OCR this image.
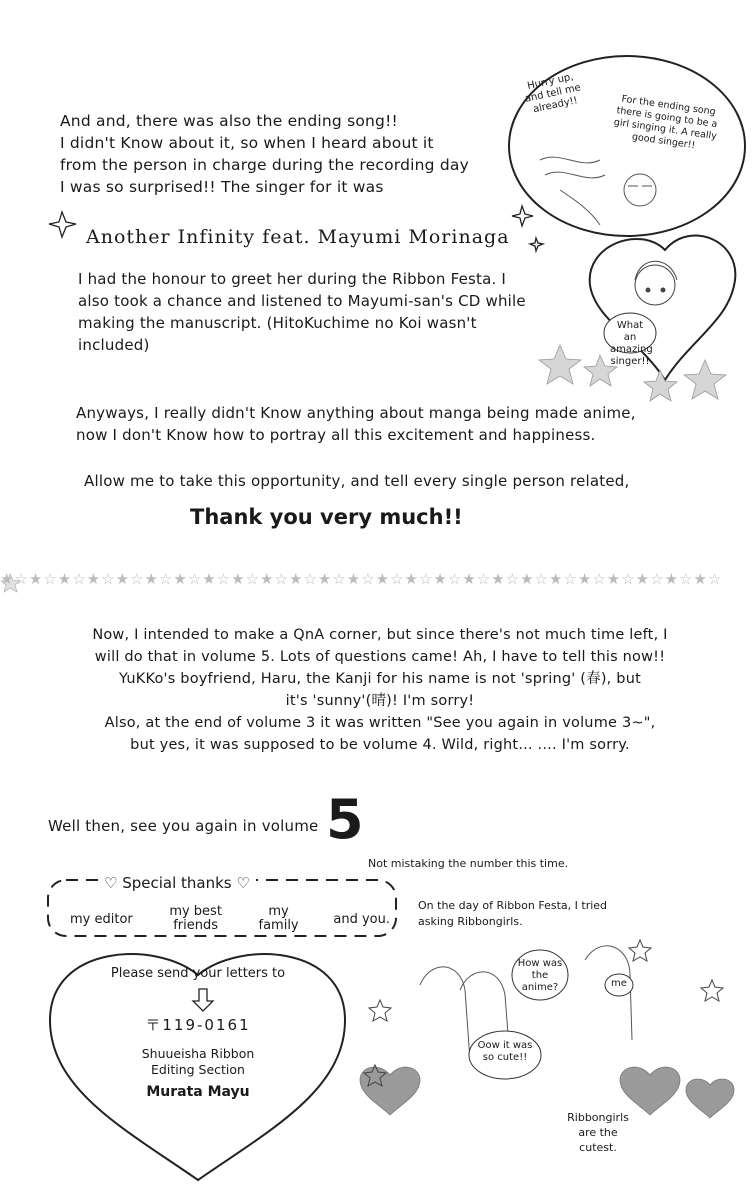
Hurry up, and tell me already!!	For the ending song there is going to be a girl singing it. A really good singer!!
What an amazing singer!!
And and, there was also the ending song!!
I didn't Know about it, so when I heard about it
from the person in charge during the recording day
I was so surprised!! The singer for it was
Another Infinity feat. Mayumi Morinaga
I had the honour to greet her during the Ribbon Festa. I
also took a chance and listened to Mayumi-san's CD while
making the manuscript. (HitoKuchime no Koi wasn't
included)
Anyways, I really didn't Know anything about manga being made anime,
now I don't Know how to portray all this excitement and happiness.
Allow me to take this opportunity, and tell every single person related,
Thank you very much!!
★☆★☆★☆★☆★☆★☆★☆★☆★☆★☆★☆★☆★☆★☆★☆★☆★☆★☆★☆★☆★☆★☆★☆★☆★☆
Now, I intended to make a QnA corner, but since there's not much time left, I
will do that in volume 5. Lots of questions came! Ah, I have to tell this now!!
YuKKo's boyfriend, Haru, the Kanji for his name is not 'spring' (春), but
it's 'sunny'(晴)! I'm sorry!
Also, at the end of volume 3 it was written "See you again in volume 3~",
but yes, it was supposed to be volume 4. Wild, right... .... I'm sorry.
Well then, see you again in volume 5
Not mistaking the number this time.
♡ Special thanks ♡
my editor	my best friends
my family	and you.
Please send your letters to
〒119-0161
Shuueisha Ribbon Editing Section
Murata Mayu
On the day of Ribbon Festa, I tried asking Ribbongirls.
How was the anime?	me
Oow it was so cute!!
Ribbongirls are the cutest.
